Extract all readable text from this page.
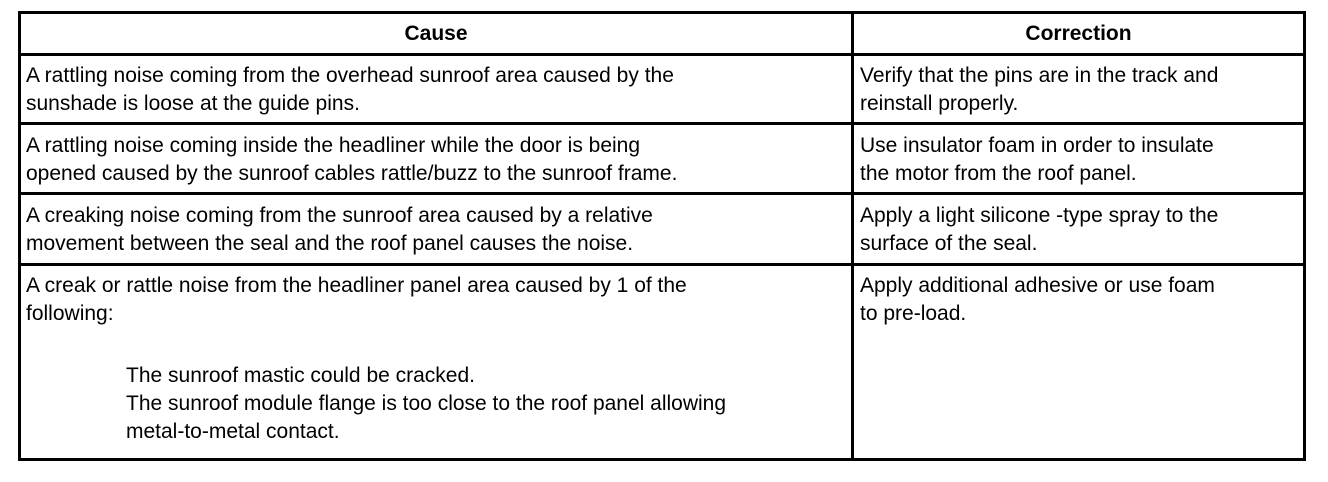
Cause	Correction
A rattling noise coming from the overhead sunroof area caused by the
sunshade is loose at the guide pins.
Verify that the pins are in the track and
reinstall properly.
A rattling noise coming inside the headliner while the door is being
opened caused by the sunroof cables rattle/buzz to the sunroof frame.
Use insulator foam in order to insulate
the motor from the roof panel.
A creaking noise coming from the sunroof area caused by a relative
movement between the seal and the roof panel causes the noise.
Apply a light silicone -type spray to the
surface of the seal.
A creak or rattle noise from the headliner panel area caused by 1 of the
following:
The sunroof mastic could be cracked.
The sunroof module flange is too close to the roof panel allowing
metal-to-metal contact.
Apply additional adhesive or use foam
to pre-load.
